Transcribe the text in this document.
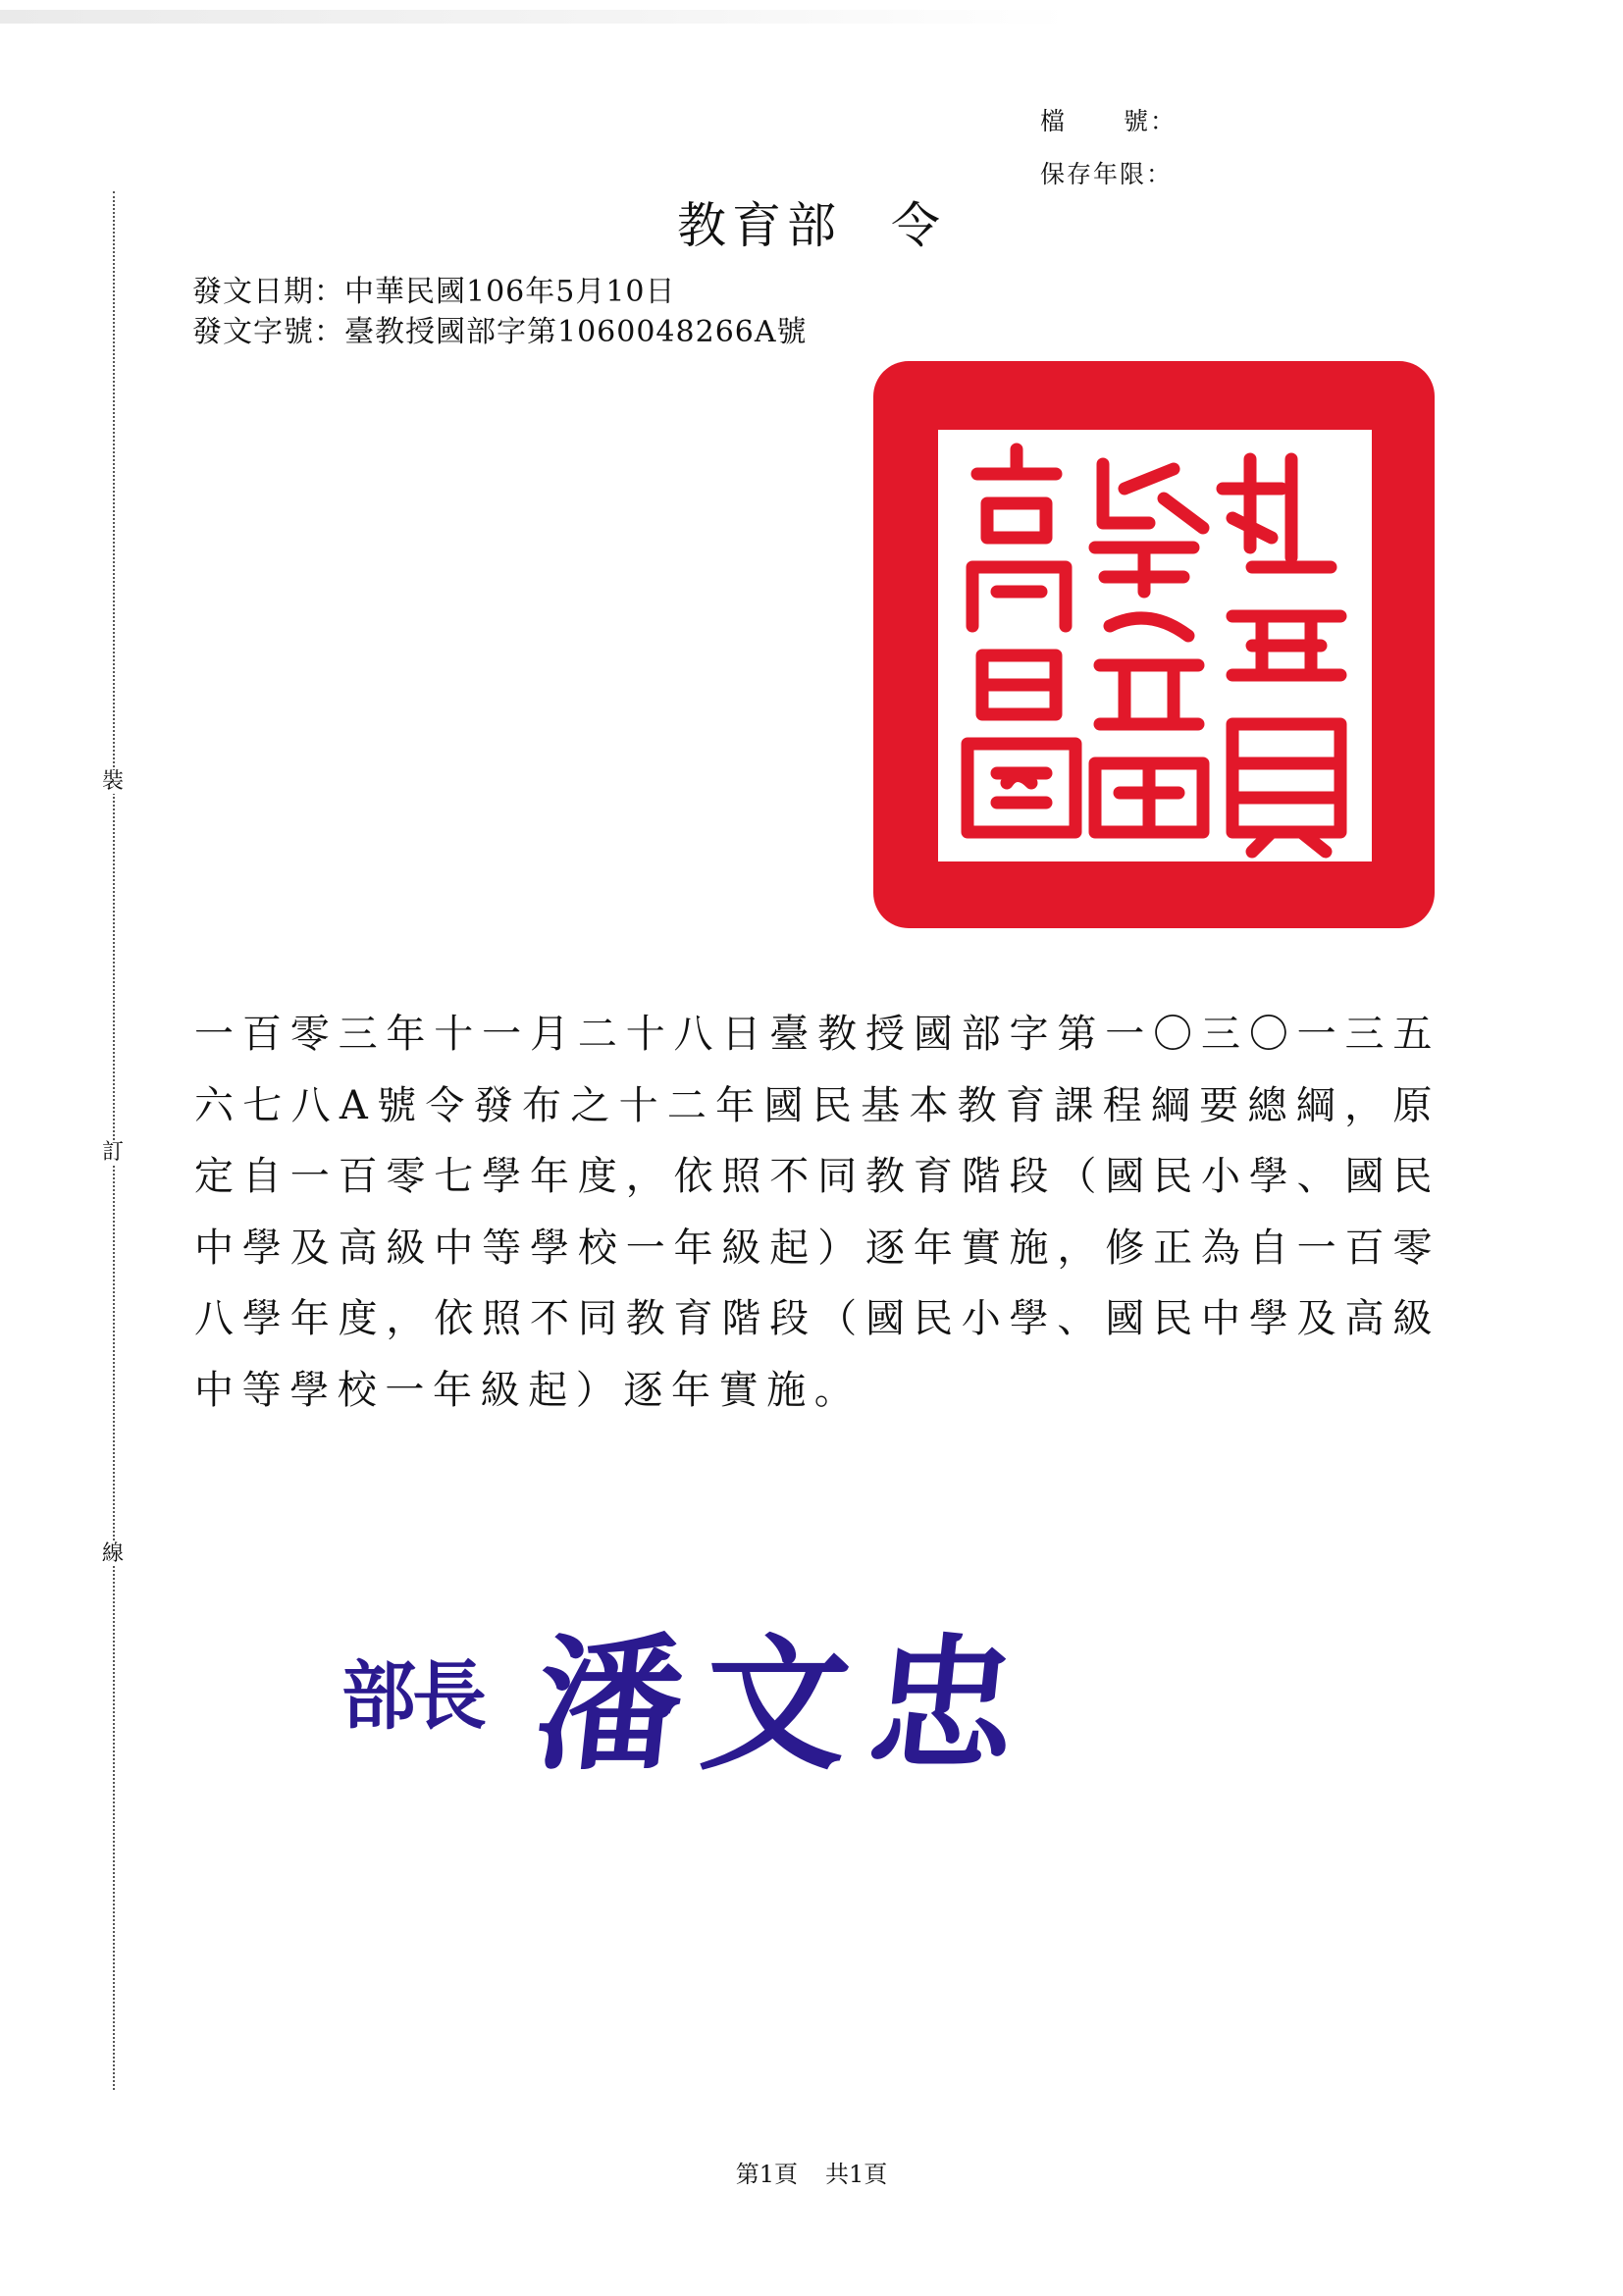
裝
訂
線
檔 號：
保存年限：
教育部 令
發文日期：中華民國106年5月10日
發文字號：臺教授國部字第1060048266A號
一百零三年十一月二十八日臺教授國部字第一〇三〇一三五六七八A號令發布之十二年國民基本教育課程綱要總綱，原定自一百零七學年度，依照不同教育階段（國民小學、國民中學及高級中等學校一年級起）逐年實施，修正為自一百零八學年度，依照不同教育階段（國民小學、國民中學及高級中等學校一年級起）逐年實施。
部長 潘文忠
第1頁 共1頁
